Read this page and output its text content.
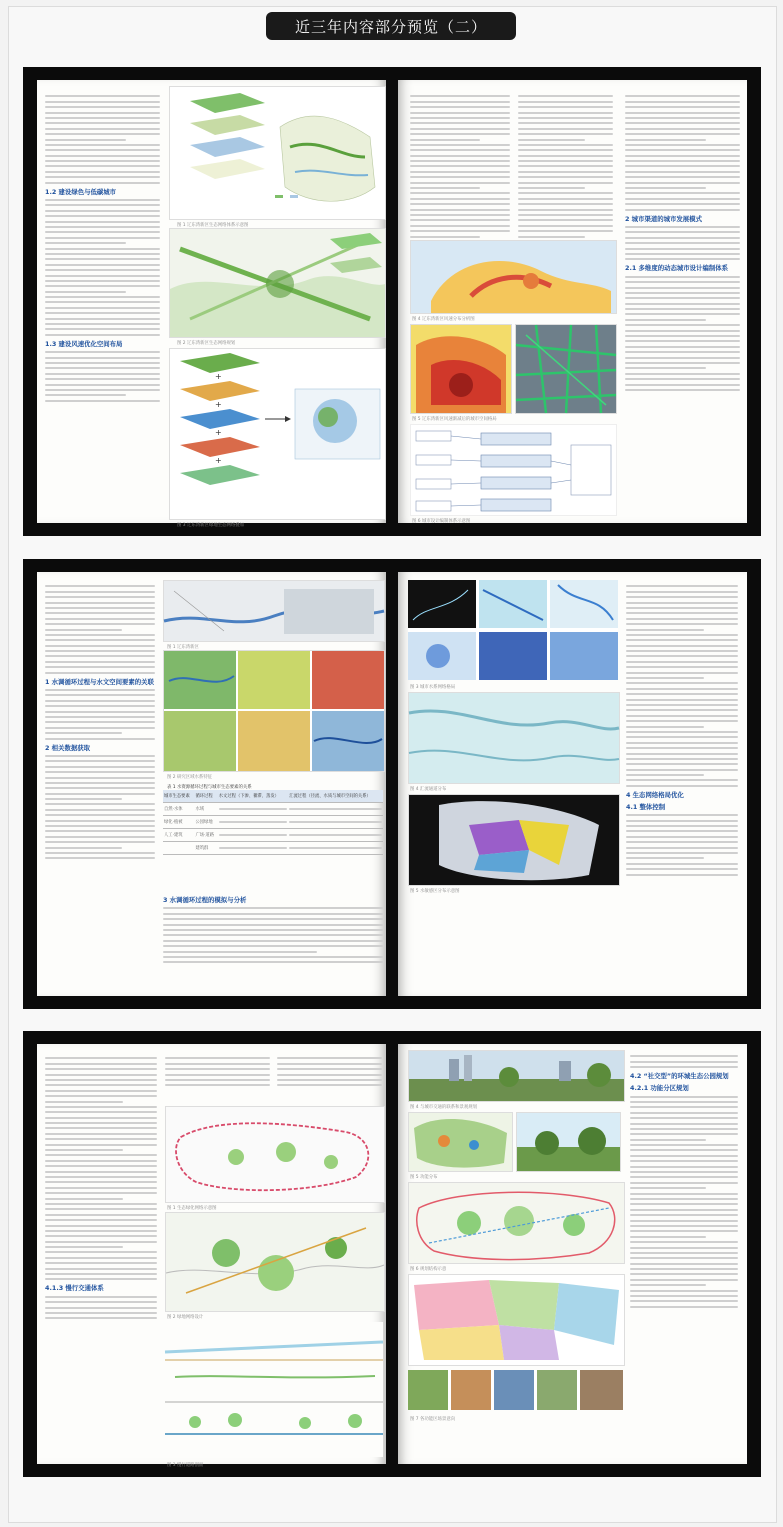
近三年内容部分预览（二）
1.2 建设绿色与低碳城市
1.3 建设风速优化空间布局
图 1 辽东湾新区生态网络体系示意图
图 2 辽东湾新区生态网络规划
+
+
+
+
图 3 辽东湾新区绿地生态网络叠加
2 城市渠道的城市发展模式
2.1 多维度的动态城市设计编制体系
图 4 辽东湾新区风速分布分析图
图 5 辽东湾新区风速渐减后的城市空间格局
图 6 城市设计编制体系示意图
1 水调循环过程与水文空间要素的关联
2 相关数据获取
图 1 辽东湾新区
图 2 研究区域水系特征
表 1 水资源循环过程与城市生态要素的关系
城市生态要素	循环过程	水文过程（下渗、蓄滞、蒸发）	汇流过程（径流、水质与城市空间的关系）
自然·水体	水域	

绿化·植被	公园绿地	

人工·建筑	广场·道路	

	建筑群	

3 水调循环过程的模拟与分析
图 3 城市水系网络格局
图 4 汇流通道分布
图 5 水敏感区分布示意图
4 生态网络格局优化
4.1 整体控制
4.1.3 慢行交通体系
图 1 生态绿化网络示意图
图 2 绿地网络设计
图 3 慢行道路剖面
图 4 与城市交通的联系和景观规划
图 5 功能分布
图 6 规划结构示意
图 7 各功能区场景意向
4.2 “社交型”的环城生态公园规划
4.2.1 功能分区规划
